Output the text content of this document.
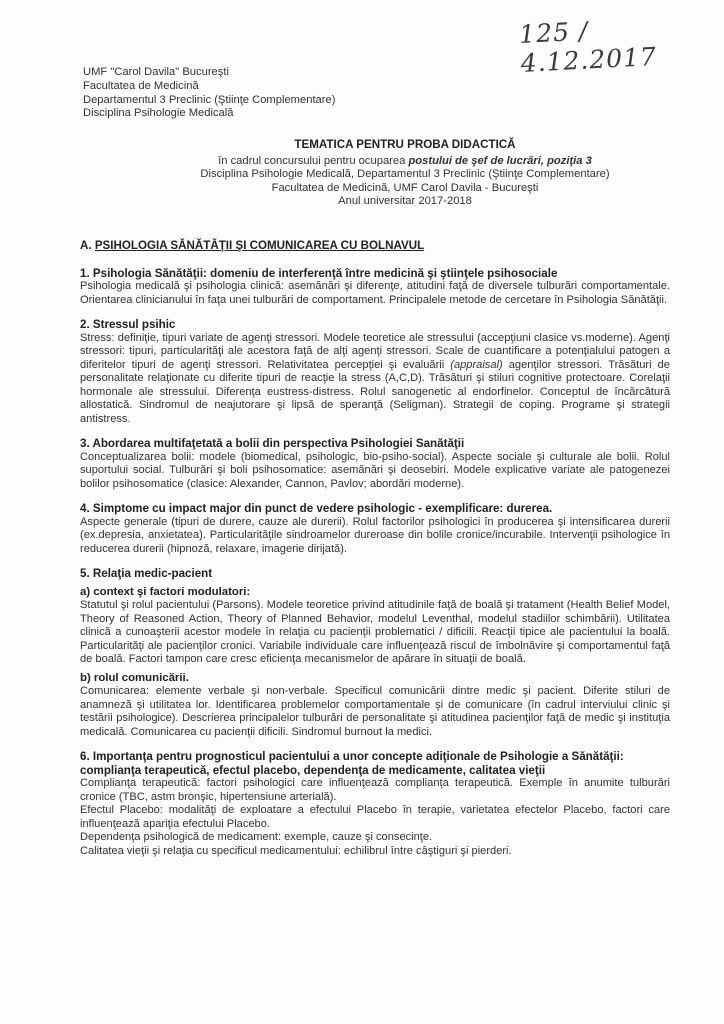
125 / 4.12.2017
UMF "Carol Davila" Bucureşti
Facultatea de Medicină
Departamentul 3 Preclinic (Ştiinţe Complementare)
Disciplina Psihologie Medicală
TEMATICA PENTRU PROBA DIDACTICĂ
în cadrul concursului pentru ocuparea postului de şef de lucrări, poziţia 3
Disciplina Psihologie Medicală, Departamentul 3 Preclinic (Ştiinţe Complementare)
Facultatea de Medicină, UMF Carol Davila - Bucureşti
Anul universitar 2017-2018
A. PSIHOLOGIA SĂNĂTĂŢII ŞI COMUNICAREA CU BOLNAVUL
1. Psihologia Sănătăţii: domeniu de interferenţă între medicină şi ştiinţele psihosociale
Psihologia medicală şi psihologia clinică: asemănări şi diferenţe, atitudini faţă de diversele tulburări comportamentale. Orientarea clinicianului în faţa unei tulburări de comportament. Principalele metode de cercetare în Psihologia Sănătăţii.
2. Stressul psihic
Stress: definiţie, tipuri variate de agenţi stressori. Modele teoretice ale stressului (accepţiuni clasice vs.moderne). Agenţi stressori: tipuri, particularităţi ale acestora faţă de alţi agenţi stressori. Scale de cuantificare a potenţialului patogen a diferitelor tipuri de agenţi stressori. Relativitatea percepţiei şi evaluării (appraisal) agenţilor stressori. Trăsături de personalitate relaţionate cu diferite tipuri de reacţie la stress (A,C,D). Trăsături şi stiluri cognitive protectoare. Corelaţii hormonale ale stressului. Diferenţa eustress-distress. Rolul sanogenetic al endorfinelor. Conceptul de încărcătură allostatică. Sindromul de neajutorare şi lipsă de speranţă (Seligman). Strategii de coping. Programe şi strategii antistress.
3. Abordarea multifaţetată a bolii din perspectiva Psihologiei Sanătăţii
Conceptualizarea bolii: modele (biomedical, psihologic, bio-psiho-social). Aspecte sociale şi culturale ale bolii. Rolul suportului social. Tulburări şi boli psihosomatice: asemănări şi deosebiri. Modele explicative variate ale patogenezei bolilor psihosomatice (clasice: Alexander, Cannon, Pavlov; abordări moderne).
4. Simptome cu impact major din punct de vedere psihologic - exemplificare: durerea.
Aspecte generale (tipuri de durere, cauze ale durerii). Rolul factorilor psihologici în producerea şi intensificarea durerii (ex.depresia, anxietatea). Particularităţile sindroamelor dureroase din bolile cronice/incurabile. Intervenţii psihologice în reducerea durerii (hipnoză, relaxare, imagerie dirijată).
5. Relaţia medic-pacient
a) context şi factori modulatori:
Statutul şi rolul pacientului (Parsons). Modele teoretice privind atitudinile faţă de boală şi tratament (Health Belief Model, Theory of Reasoned Action, Theory of Planned Behavior, modelul Leventhal, modelul stadiilor schimbării). Utilitatea clinică a cunoaşterii acestor modele în relaţia cu pacienţii problematici / dificili. Reacţii tipice ale pacientului la boală. Particularităţi ale pacienţilor cronici. Variabile individuale care influenţează riscul de îmbolnăvire şi comportamentul faţă de boală. Factori tampon care cresc eficienţa mecanismelor de apărare în situaţii de boală.
b) rolul comunicării.
Comunicarea: elemente verbale şi non-verbale. Specificul comunicării dintre medic şi pacient. Diferite stiluri de anamneză şi utilitatea lor. Identificarea problemelor comportamentale şi de comunicare (în cadrul interviului clinic şi testării psihologice). Descrierea principalelor tulburări de personalitate şi atitudinea pacienţilor faţă de medic şi instituţia medicală. Comunicarea cu pacienţii dificili. Sindromul burnout la medici.
6. Importanţa pentru prognosticul pacientului a unor concepte adiţionale de Psihologie a Sănătăţii: complianţa terapeutică, efectul placebo, dependenţa de medicamente, calitatea vieţii
Complianţa terapeutică: factori psihologici care influenţează complianţa terapeutică. Exemple în anumite tulburări cronice (TBC, astm bronşic, hipertensiune arterială).
Efectul Placebo: modalităţi de exploatare a efectului Placebo în terapie, varietatea efectelor Placebo, factori care influenţează apariţia efectului Placebo.
Dependenţa psihologică de medicament: exemple, cauze şi consecinţe.
Calitatea vieţii şi relaţia cu specificul medicamentului: echilibrul între câştiguri şi pierderi.
